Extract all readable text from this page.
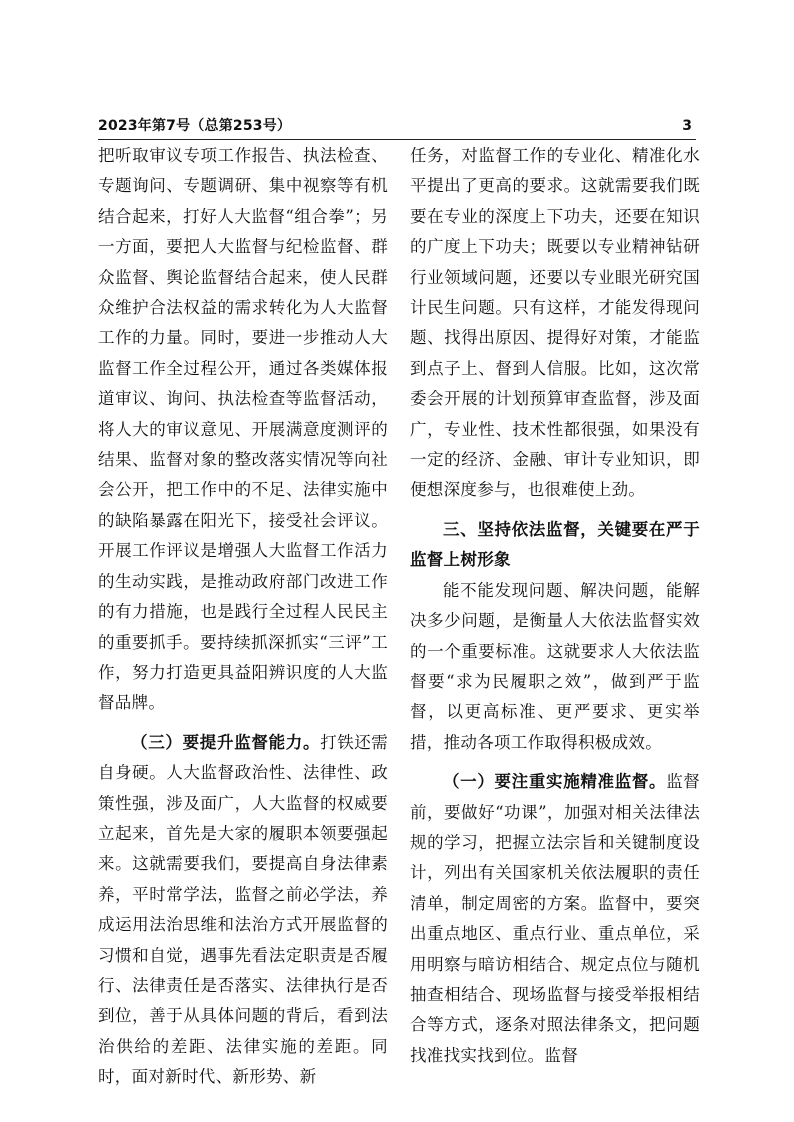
2023年第7号（总第253号）	3

把听取审议专项工作报告、执法检查、专题询问、专题调研、集中视察等有机结合起来，打好人大监督“组合拳”；另一方面，要把人大监督与纪检监督、群众监督、舆论监督结合起来，使人民群众维护合法权益的需求转化为人大监督工作的力量。同时，要进一步推动人大监督工作全过程公开，通过各类媒体报道审议、询问、执法检查等监督活动，将人大的审议意见、开展满意度测评的结果、监督对象的整改落实情况等向社会公开，把工作中的不足、法律实施中的缺陷暴露在阳光下，接受社会评议。开展工作评议是增强人大监督工作活力的生动实践，是推动政府部门改进工作的有力措施，也是践行全过程人民民主的重要抓手。要持续抓深抓实“三评”工作，努力打造更具益阳辨识度的人大监督品牌。

（三）要提升监督能力。打铁还需自身硬。人大监督政治性、法律性、政策性强，涉及面广，人大监督的权威要立起来，首先是大家的履职本领要强起来。这就需要我们，要提高自身法律素养，平时常学法，监督之前必学法，养成运用法治思维和法治方式开展监督的习惯和自觉，遇事先看法定职责是否履行、法律责任是否落实、法律执行是否到位，善于从具体问题的背后，看到法治供给的差距、法律实施的差距。同时，面对新时代、新形势、新

任务，对监督工作的专业化、精准化水平提出了更高的要求。这就需要我们既要在专业的深度上下功夫，还要在知识的广度上下功夫；既要以专业精神钻研行业领域问题，还要以专业眼光研究国计民生问题。只有这样，才能发得现问题、找得出原因、提得好对策，才能监到点子上、督到人信服。比如，这次常委会开展的计划预算审查监督，涉及面广，专业性、技术性都很强，如果没有一定的经济、金融、审计专业知识，即便想深度参与，也很难使上劲。

三、坚持依法监督，关键要在严于监督上树形象

能不能发现问题、解决问题，能解决多少问题，是衡量人大依法监督实效的一个重要标准。这就要求人大依法监督要“求为民履职之效”，做到严于监督，以更高标准、更严要求、更实举措，推动各项工作取得积极成效。

（一）要注重实施精准监督。监督前，要做好“功课”，加强对相关法律法规的学习，把握立法宗旨和关键制度设计，列出有关国家机关依法履职的责任清单，制定周密的方案。监督中，要突出重点地区、重点行业、重点单位，采用明察与暗访相结合、规定点位与随机抽查相结合、现场监督与接受举报相结合等方式，逐条对照法律条文，把问题找准找实找到位。监督
